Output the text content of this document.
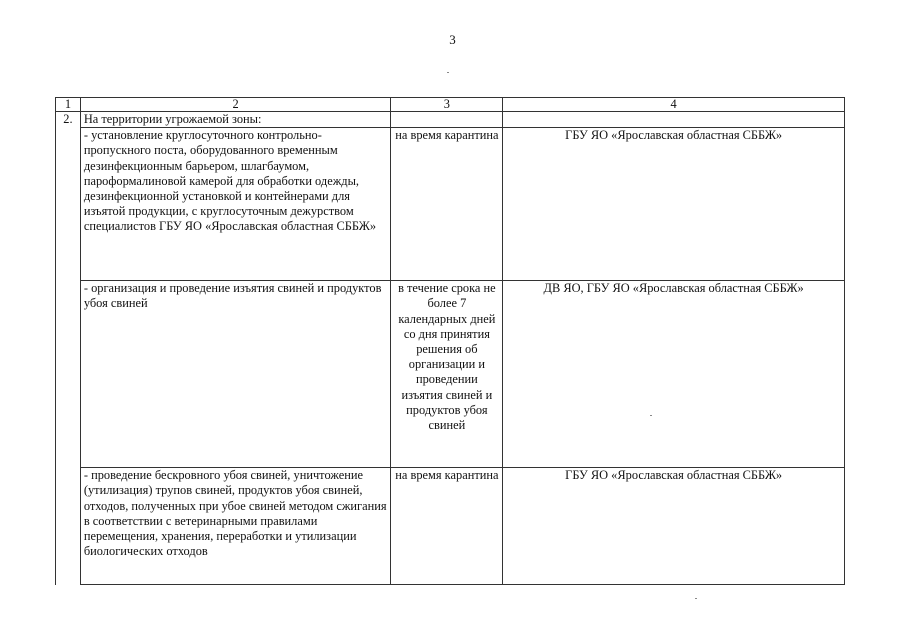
3
1	2	3	4
2.	На территории угрожаемой зоны:		
	- установление круглосуточного контрольно-пропускного поста, оборудованного временным дезинфекционным барьером, шлагбаумом, пароформалиновой камерой для обработки одежды, дезинфекционной установкой и контейнерами для изъятой продукции, с круглосуточным дежурством специалистов ГБУ ЯО «Ярославская областная СББЖ»	на время карантина	ГБУ ЯО «Ярославская областная СББЖ»
	- организация и проведение изъятия свиней и продуктов убоя свиней	в течение срока не более 7 календарных дней со дня принятия решения об организации и проведении изъятия свиней и продуктов убоя свиней	ДВ ЯО, ГБУ ЯО «Ярославская областная СББЖ»
	- проведение бескровного убоя свиней, уничтожение (утилизация) трупов свиней, продуктов убоя свиней, отходов, полученных при убое свиней методом сжигания в соответствии с ветеринарными правилами перемещения, хранения, переработки и утилизации биологических отходов	на время карантина	ГБУ ЯО «Ярославская областная СББЖ»
